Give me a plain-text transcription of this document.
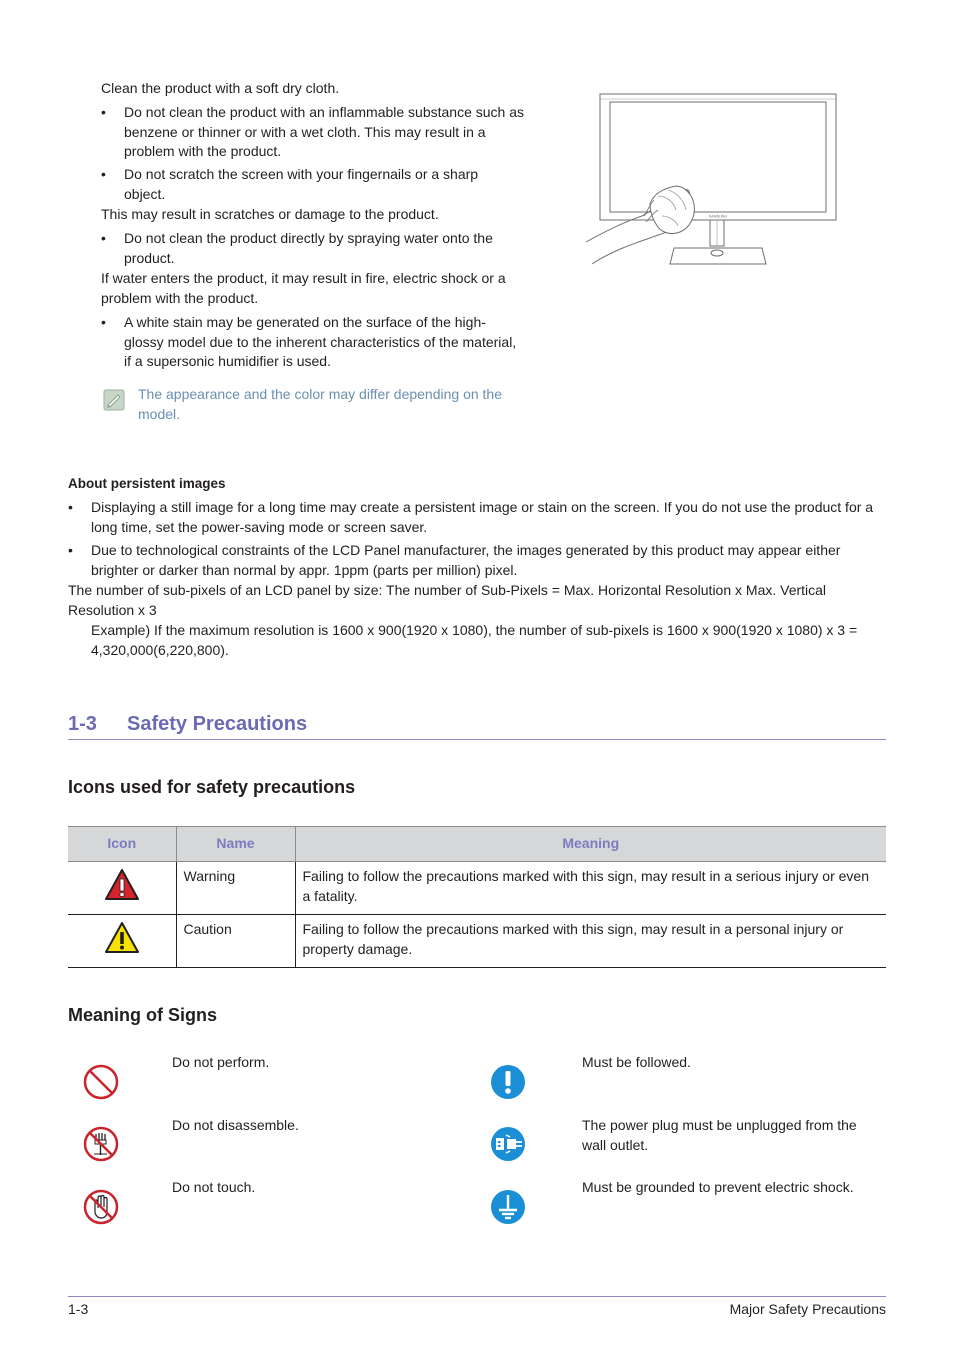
Clean the product with a soft dry cloth.

• Do not clean the product with an inflammable substance such as benzene or thinner or with a wet cloth. This may result in a problem with the product.

• Do not scratch the screen with your fingernails or a sharp object.

This may result in scratches or damage to the product.

• Do not clean the product directly by spraying water onto the product.

If water enters the product, it may result in fire, electric shock or a problem with the product.

• A white stain may be generated on the surface of the high-glossy model due to the inherent characteristics of the material, if a supersonic humidifier is used.

The appearance and the color may differ depending on the model.

SAMSUNG

About persistent images

• Displaying a still image for a long time may create a persistent image or stain on the screen. If you do not use the product for a long time, set the power-saving mode or screen saver.

• Due to technological constraints of the LCD Panel manufacturer, the images generated by this product may appear either brighter or darker than normal by appr. 1ppm (parts per million) pixel.

The number of sub-pixels of an LCD panel by size: The number of Sub-Pixels = Max. Horizontal Resolution x Max. Vertical Resolution x 3

Example) If the maximum resolution is 1600 x 900(1920 x 1080), the number of sub-pixels is 1600 x 900(1920 x 1080) x 3 = 4,320,000(6,220,800).

1-3 Safety Precautions
Icons used for safety precautions
Icon	Name	Meaning
	Warning	Failing to follow the precautions marked with this sign, may result in a serious injury or even a fatality.
	Caution	Failing to follow the precautions marked with this sign, may result in a personal injury or property damage.
Meaning of Signs

Do not perform.

Do not disassemble.

Do not touch.

Must be followed.

The power plug must be unplugged from the wall outlet.

Must be grounded to prevent electric shock.

1-3	Major Safety Precautions
